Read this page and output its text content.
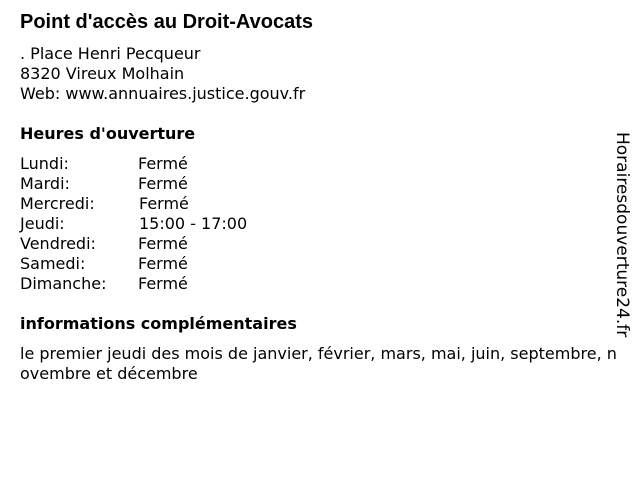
Point d'accès au Droit-Avocats
. Place Henri Pecqueur
8320 Vireux Molhain
Web: www.annuaires.justice.gouv.fr
Heures d'ouverture
Lundi:	Fermé
Mardi:	Fermé
Mercredi:	Fermé
Jeudi:	15:00 - 17:00
Vendredi:	Fermé
Samedi:	Fermé
Dimanche: Fermé
informations complémentaires
le premier jeudi des mois de janvier, février, mars, mai, juin, septembre, novembre et décembre
Horairesdouverture24.fr
